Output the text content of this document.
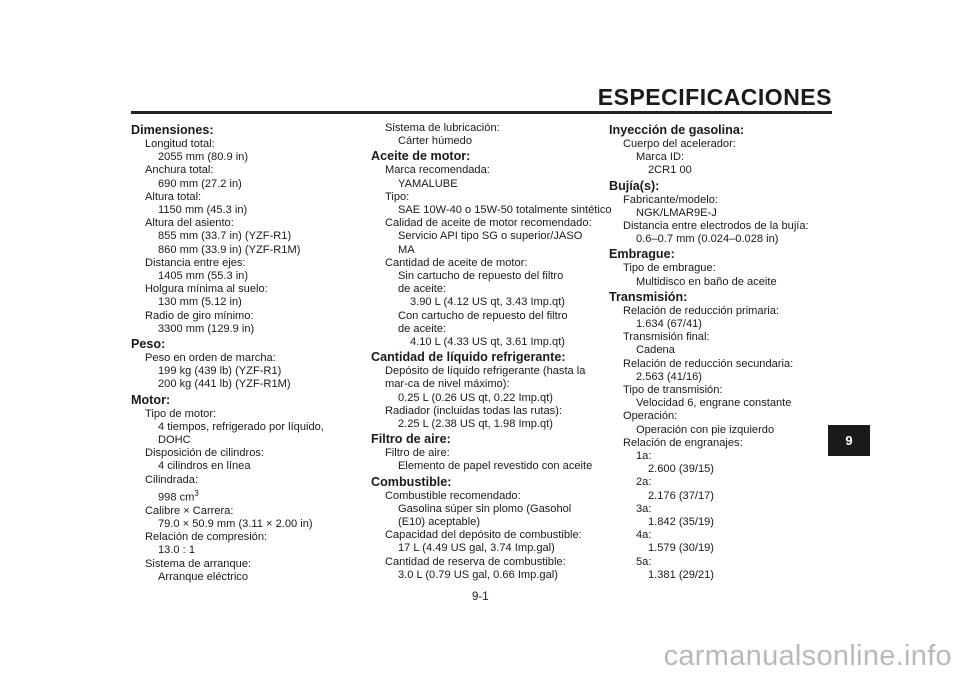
ESPECIFICACIONES
Dimensiones:
Longitud total:
2055 mm (80.9 in)
Anchura total:
690 mm (27.2 in)
Altura total:
1150 mm (45.3 in)
Altura del asiento:
855 mm (33.7 in) (YZF-R1)
860 mm (33.9 in) (YZF-R1M)
Distancia entre ejes:
1405 mm (55.3 in)
Holgura mínima al suelo:
130 mm (5.12 in)
Radio de giro mínimo:
3300 mm (129.9 in)
Peso:
Peso en orden de marcha:
199 kg (439 lb) (YZF-R1)
200 kg (441 lb) (YZF-R1M)
Motor:
Tipo de motor:
4 tiempos, refrigerado por líquido, DOHC
Disposición de cilindros:
4 cilindros en línea
Cilindrada:
998 $cm^3$
Calibre × Carrera:
79.0 × 50.9 mm (3.11 × 2.00 in)
Relación de compresión:
13.0 : 1
Sistema de arranque:
Arranque eléctrico
Sistema de lubricación:
Cárter húmedo
Aceite de motor:
Marca recomendada:
YAMALUBE
Tipo:
SAE 10W-40 o 15W-50 totalmente sintético
Calidad de aceite de motor recomendado:
Servicio API tipo SG o superior/JASO MA
Cantidad de aceite de motor:
Sin cartucho de repuesto del filtro de aceite:
3.90 L (4.12 US qt, 3.43 Imp.qt)
Con cartucho de repuesto del filtro de aceite:
4.10 L (4.33 US qt, 3.61 Imp.qt)
Cantidad de líquido refrigerante:
Depósito de líquido refrigerante (hasta la mar-ca de nivel máximo):
0.25 L (0.26 US qt, 0.22 Imp.qt)
Radiador (incluidas todas las rutas):
2.25 L (2.38 US qt, 1.98 Imp.qt)
Filtro de aire:
Filtro de aire:
Elemento de papel revestido con aceite
Combustible:
Combustible recomendado:
Gasolina súper sin plomo (Gasohol (E10) aceptable)
Capacidad del depósito de combustible:
17 L (4.49 US gal, 3.74 Imp.gal)
Cantidad de reserva de combustible:
3.0 L (0.79 US gal, 0.66 Imp.gal)
Inyección de gasolina:
Cuerpo del acelerador:
Marca ID:
2CR1 00
Bujía(s):
Fabricante/modelo:
NGK/LMAR9E-J
Distancia entre electrodos de la bujía:
0.6–0.7 mm (0.024–0.028 in)
Embrague:
Tipo de embrague:
Multidisco en baño de aceite
Transmisión:
Relación de reducción primaria:
1.634 (67/41)
Transmisión final:
Cadena
Relación de reducción secundaria:
2.563 (41/16)
Tipo de transmisión:
Velocidad 6, engrane constante
Operación:
Operación con pie izquierdo
Relación de engranajes:
1a:
2.600 (39/15)
2a:
2.176 (37/17)
3a:
1.842 (35/19)
4a:
1.579 (30/19)
5a:
1.381 (29/21)
9
9-1
carmanualsonline.info
